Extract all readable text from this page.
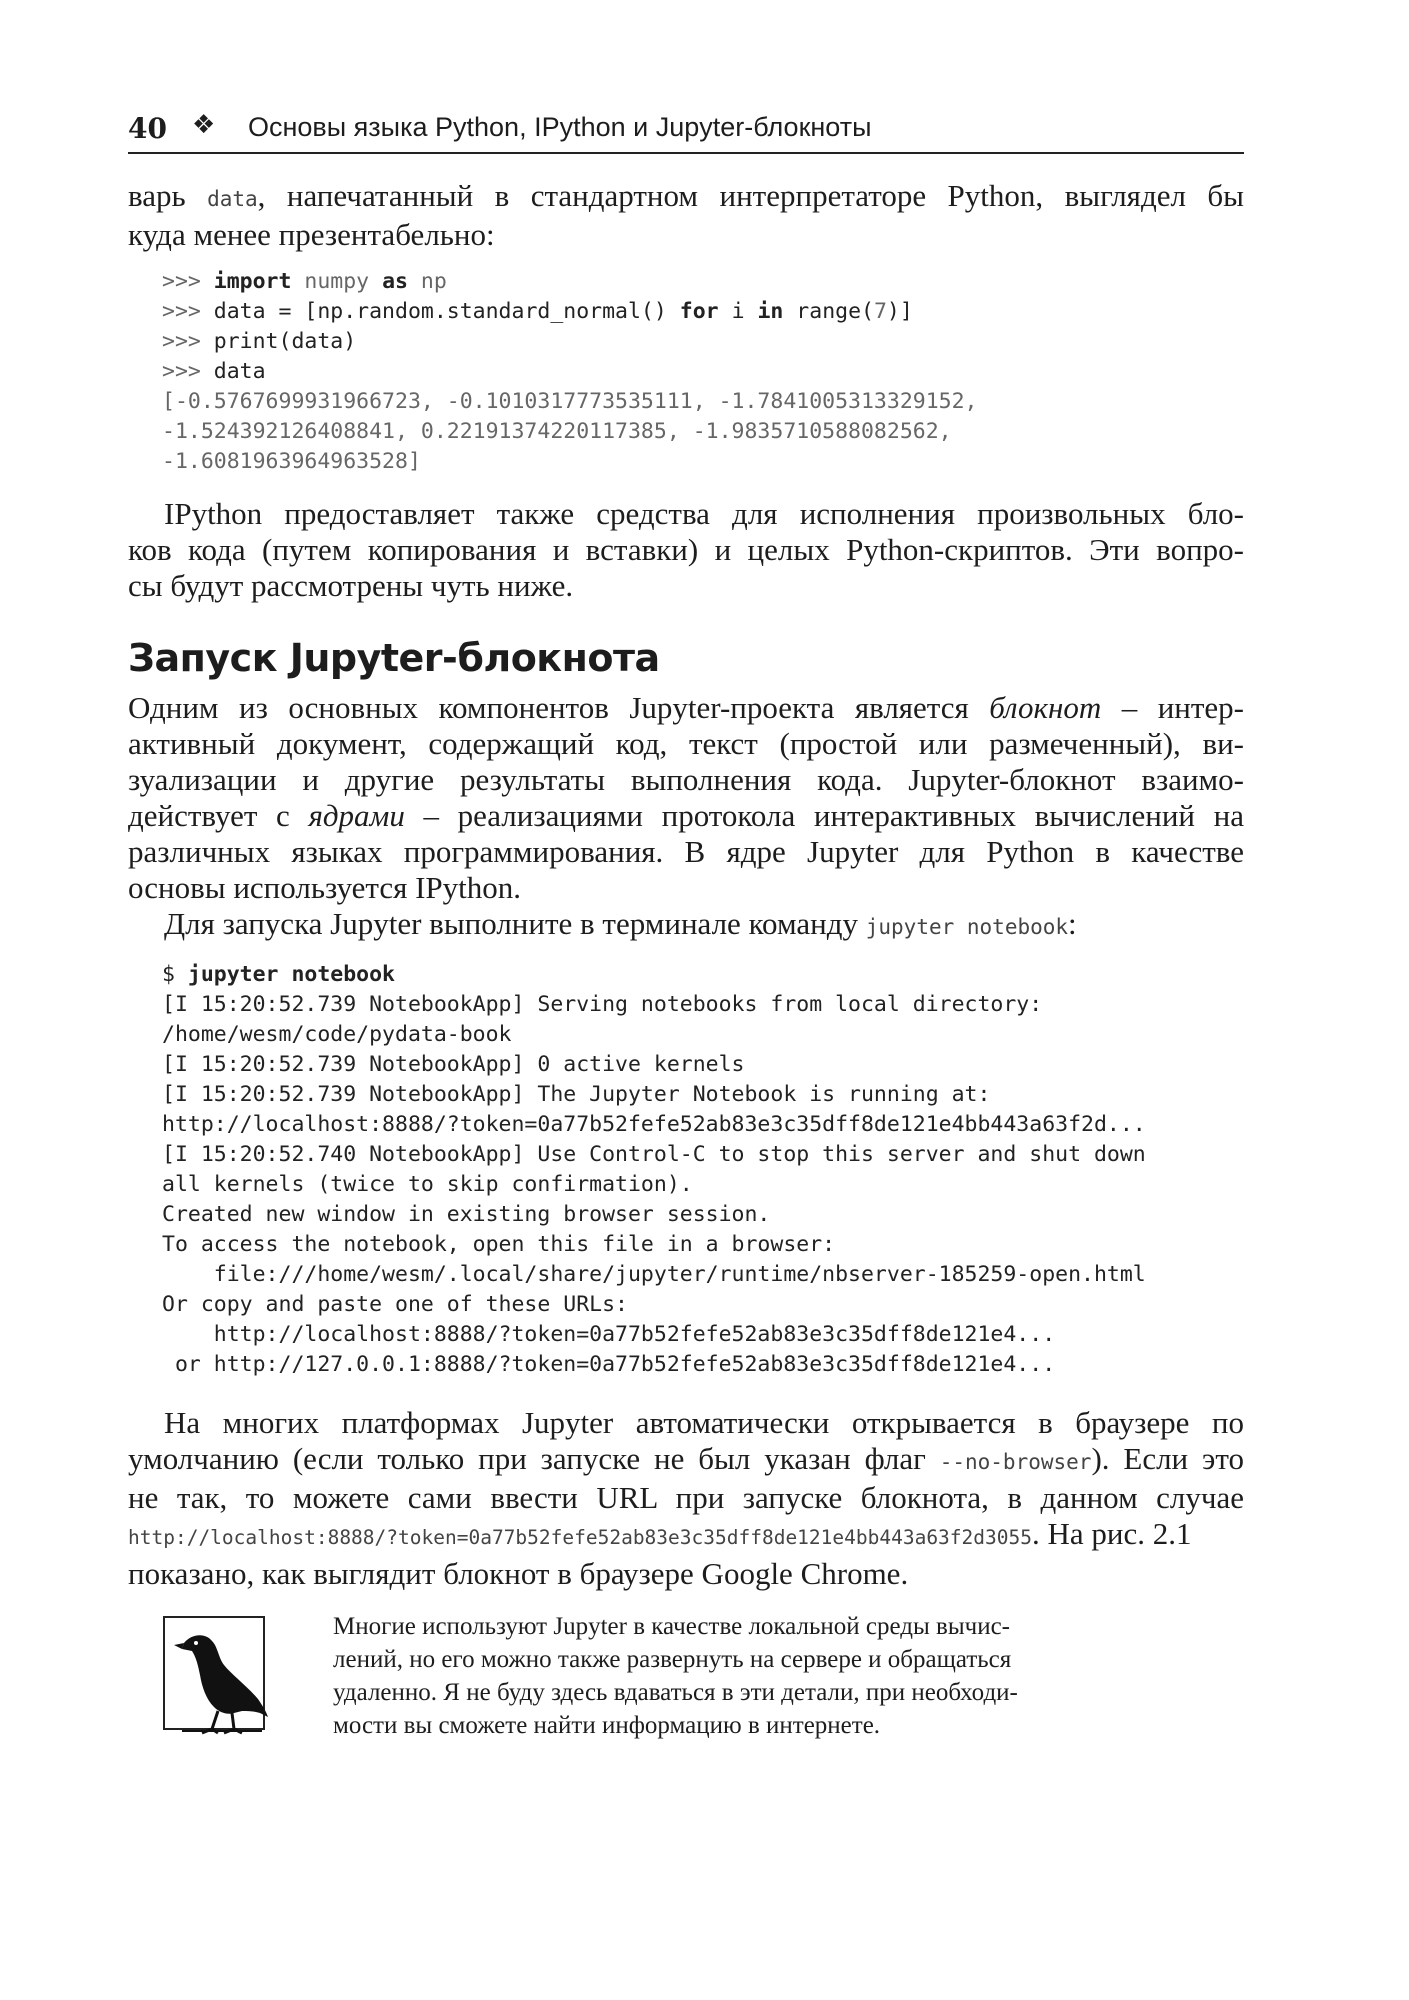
40 ❖ Основы языка Python, IPython и Jupyter-блокноты
варь data, напечатанный в стандартном интерпретаторе Python, выглядел бы
куда менее презентабельно:
>>> import numpy as np
>>> data = [np.random.standard_normal() for i in range(7)]
>>> print(data)
>>> data
[-0.5767699931966723, -0.1010317773535111, -1.7841005313329152,
-1.524392126408841, 0.22191374220117385, -1.9835710588082562,
-1.6081963964963528]
IPython предоставляет также средства для исполнения произвольных бло-
ков кода (путем копирования и вставки) и целых Python-скриптов. Эти вопро-
сы будут рассмотрены чуть ниже.
Запуск Jupyter-блокнота
Одним из основных компонентов Jupyter-проекта является блокнот – интер-
активный документ, содержащий код, текст (простой или размеченный), ви-
зуализации и другие результаты выполнения кода. Jupyter-блокнот взаимо-
действует с ядрами – реализациями протокола интерактивных вычислений на
различных языках программирования. В ядре Jupyter для Python в качестве
основы используется IPython.
Для запуска Jupyter выполните в терминале команду jupyter notebook:
$ jupyter notebook
[I 15:20:52.739 NotebookApp] Serving notebooks from local directory:
/home/wesm/code/pydata-book
[I 15:20:52.739 NotebookApp] 0 active kernels
[I 15:20:52.739 NotebookApp] The Jupyter Notebook is running at:
http://localhost:8888/?token=0a77b52fefe52ab83e3c35dff8de121e4bb443a63f2d...
[I 15:20:52.740 NotebookApp] Use Control-C to stop this server and shut down
all kernels (twice to skip confirmation).
Created new window in existing browser session.
To access the notebook, open this file in a browser:
file:///home/wesm/.local/share/jupyter/runtime/nbserver-185259-open.html
Or copy and paste one of these URLs:
http://localhost:8888/?token=0a77b52fefe52ab83e3c35dff8de121e4...
or http://127.0.0.1:8888/?token=0a77b52fefe52ab83e3c35dff8de121e4...
На многих платформах Jupyter автоматически открывается в браузере по
умолчанию (если только при запуске не был указан флаг --no-browser). Если это
не так, то можете сами ввести URL при запуске блокнота, в данном случае
http://localhost:8888/?token=0a77b52fefe52ab83e3c35dff8de121e4bb443a63f2d3055. На рис. 2.1
показано, как выглядит блокнот в браузере Google Chrome.
Многие используют Jupyter в качестве локальной среды вычис-
лений, но его можно также развернуть на сервере и обращаться
удаленно. Я не буду здесь вдаваться в эти детали, при необходи-
мости вы сможете найти информацию в интернете.
